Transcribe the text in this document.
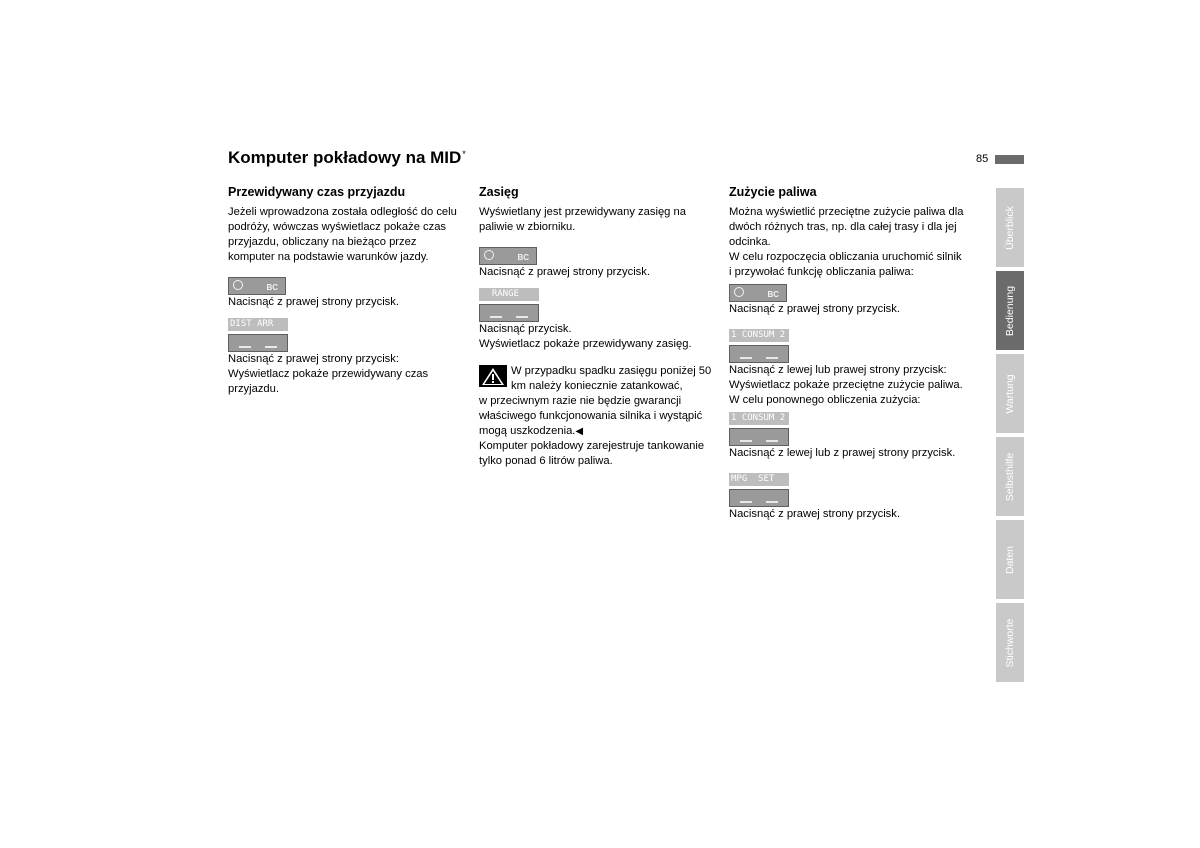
Komputer pokładowy na MID*	85
Überblick
Bedienung
Wartung
Selbsthilfe
Daten
Stichworte
Przewidywany czas przyjazdu

Jeżeli wprowadzona została odległość do celu podróży, wówczas wyświetlacz pokaże czas przyjazdu, obliczany na bieżąco przez komputer na podstawie warunków jazdy.

BC

Nacisnąć z prawej strony przycisk.

DIST ARR

Nacisnąć z prawej strony przycisk:

Wyświetlacz pokaże przewidywany czas przyjazdu.

Zasięg

Wyświetlany jest przewidywany zasięg na paliwie w zbiorniku.

BC

Nacisnąć z prawej strony przycisk.

RANGE

Nacisnąć przycisk.

Wyświetlacz pokaże przewidywany zasięg.

W przypadku spadku zasięgu poniżej 50 km należy koniecznie zatankować,

w przeciwnym razie nie będzie gwarancji właściwego funkcjonowania silnika i wystąpić mogą uszkodzenia.◀

Komputer pokładowy zarejestruje tankowanie tylko ponad 6 litrów paliwa.

Zużycie paliwa

Można wyświetlić przeciętne zużycie paliwa dla dwóch różnych tras, np. dla całej trasy i dla jej odcinka.

W celu rozpoczęcia obliczania uruchomić silnik i przywołać funkcję obliczania paliwa:

BC

Nacisnąć z prawej strony przycisk.

1 CONSUM 2

Nacisnąć z lewej lub prawej strony przycisk:

Wyświetlacz pokaże przeciętne zużycie paliwa.

W celu ponownego obliczenia zużycia:

1 CONSUM 2

Nacisnąć z lewej lub z prawej strony przycisk.

MPG  SET

Nacisnąć z prawej strony przycisk.
